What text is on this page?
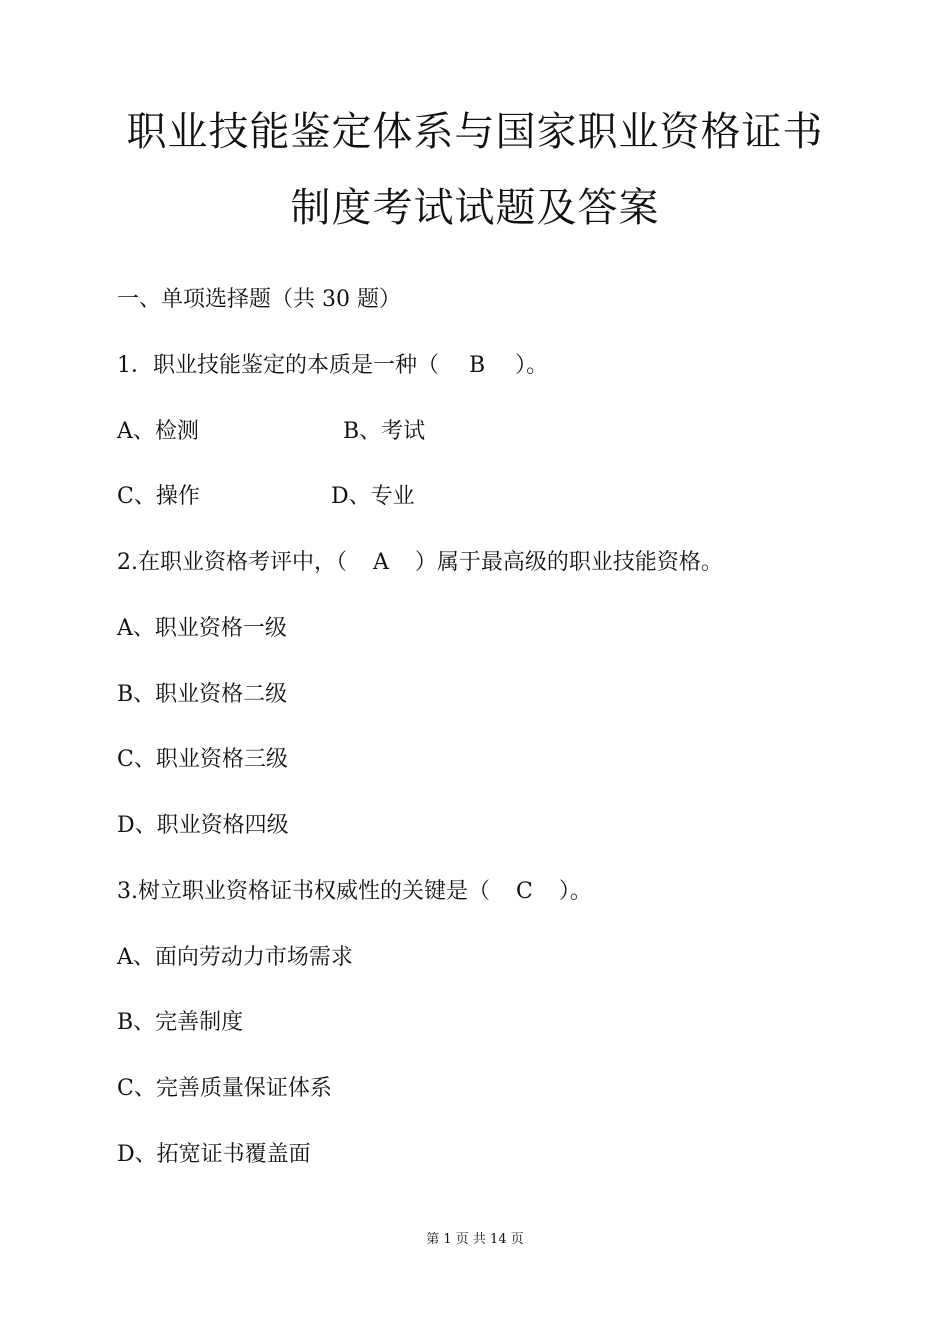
职业技能鉴定体系与国家职业资格证书
制度考试试题及答案
一、单项选择题（共 30 题）
1．职业技能鉴定的本质是一种（ B ）。
A、检测	B、考试
C、操作	D、专业
2.在职业资格考评中，（ A ）属于最高级的职业技能资格。
A、职业资格一级
B、职业资格二级
C、职业资格三级
D、职业资格四级
3.树立职业资格证书权威性的关键是（ C ）。
A、面向劳动力市场需求
B、完善制度
C、完善质量保证体系
D、拓宽证书覆盖面
第 1 页 共 14 页
